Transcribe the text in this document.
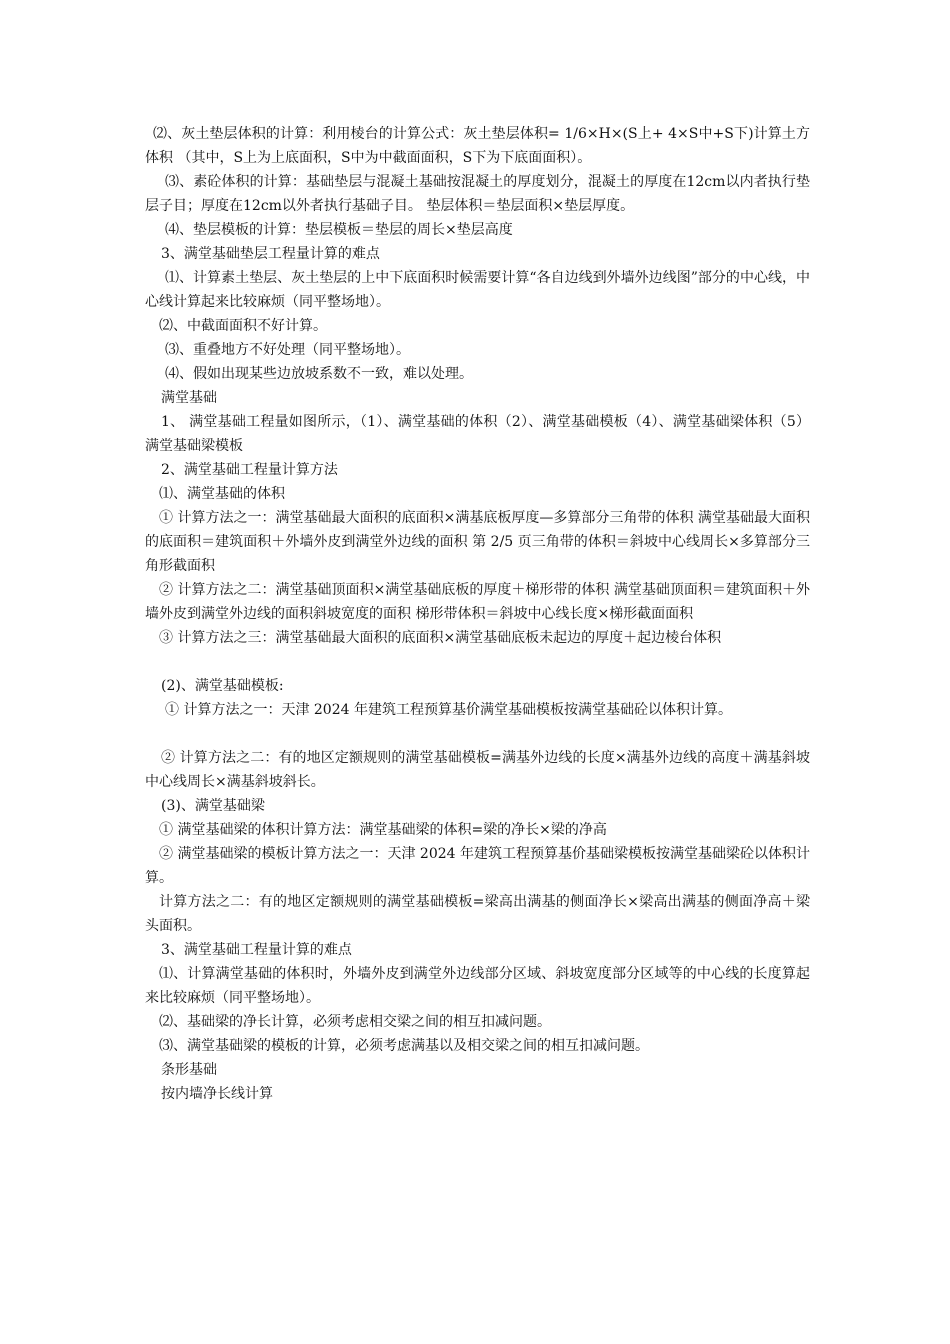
⑵、灰土垫层体积的计算：利用棱台的计算公式：灰土垫层体积= 1/6×H×(S上+ 4×S中+S下)计算土方体积 （其中，S上为上底面积，S中为中截面面积，S下为下底面面积）。

⑶、素砼体积的计算：基础垫层与混凝土基础按混凝土的厚度划分，混凝土的厚度在12cm以内者执行垫层子目；厚度在12cm以外者执行基础子目。 垫层体积＝垫层面积×垫层厚度。

⑷、垫层模板的计算：垫层模板＝垫层的周长×垫层高度

3、满堂基础垫层工程量计算的难点

⑴、计算素土垫层、灰土垫层的上中下底面积时候需要计算“各自边线到外墙外边线图”部分的中心线，中心线计算起来比较麻烦（同平整场地）。

⑵、中截面面积不好计算。

⑶、重叠地方不好处理（同平整场地）。

⑷、假如出现某些边放坡系数不一致，难以处理。

满堂基础

1、 满堂基础工程量如图所示，（1）、满堂基础的体积（2）、满堂基础模板（4）、满堂基础梁体积（5）满堂基础梁模板

2、满堂基础工程量计算方法

⑴、满堂基础的体积

① 计算方法之一：满堂基础最大面积的底面积×满基底板厚度—多算部分三角带的体积 满堂基础最大面积的底面积＝建筑面积＋外墙外皮到满堂外边线的面积 第 2/5 页三角带的体积＝斜坡中心线周长×多算部分三角形截面积

② 计算方法之二：满堂基础顶面积×满堂基础底板的厚度＋梯形带的体积 满堂基础顶面积＝建筑面积＋外墙外皮到满堂外边线的面积斜坡宽度的面积 梯形带体积＝斜坡中心线长度×梯形截面面积

③ 计算方法之三：满堂基础最大面积的底面积×满堂基础底板未起边的厚度＋起边棱台体积

(2)、满堂基础模板:

① 计算方法之一：天津 2024 年建筑工程预算基价满堂基础模板按满堂基础砼以体积计算。

② 计算方法之二：有的地区定额规则的满堂基础模板=满基外边线的长度×满基外边线的高度＋满基斜坡中心线周长×满基斜坡斜长。

(3)、满堂基础梁

① 满堂基础梁的体积计算方法：满堂基础梁的体积=梁的净长×梁的净高

② 满堂基础梁的模板计算方法之一：天津 2024 年建筑工程预算基价基础梁模板按满堂基础梁砼以体积计算。

计算方法之二：有的地区定额规则的满堂基础模板=梁高出满基的侧面净长×梁高出满基的侧面净高＋梁头面积。

3、满堂基础工程量计算的难点

⑴、计算满堂基础的体积时，外墙外皮到满堂外边线部分区域、斜坡宽度部分区域等的中心线的长度算起来比较麻烦（同平整场地）。

⑵、基础梁的净长计算，必须考虑相交梁之间的相互扣减问题。

⑶、满堂基础梁的模板的计算，必须考虑满基以及相交梁之间的相互扣减问题。

条形基础

按内墙净长线计算
